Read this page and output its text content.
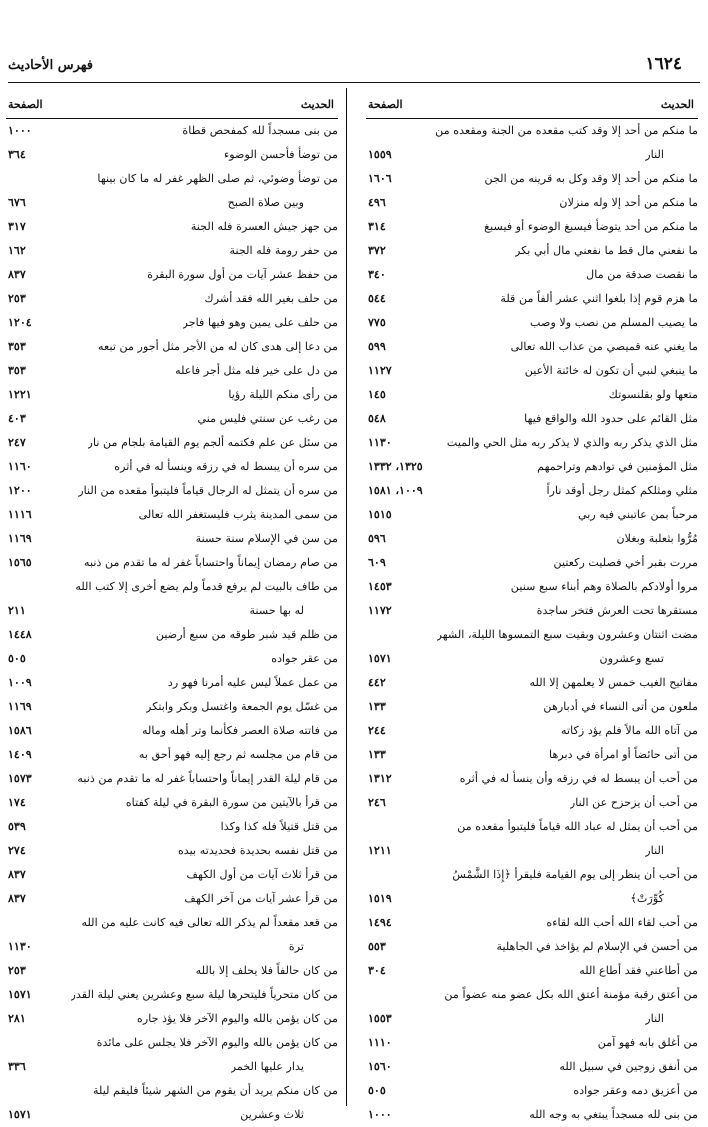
١٦٢٤
فهرس الأحاديث
الحديث
الصفحة
ما منكم من أحد إلا وقد كتب مقعده من الجنة ومقعده من
النار
١٥٥٩
ما منكم من أحد إلا وقد وكل به قرينه من الجن
١٦٠٦
ما منكم من أحد إلا وله منزلان
٤٩٦
ما منكم من أحد يتوضأ فيسبغ الوضوء أو فيسبغ
٣١٤
ما نفعني مال قط ما نفعني مال أبي بكر
٣٧٢
ما نقصت صدقة من مال
٣٤٠
ما هزم قوم إذا بلغوا اثني عشر ألفاً من قلة
٥٤٤
ما يصيب المسلم من نصب ولا وصب
٧٧٥
ما يغني عنه قميصي من عذاب الله تعالى
٥٩٩
ما ينبغي لنبي أن تكون له خائنة الأعين
١١٢٧
متعها ولو بقلنسوتك
١٤٥
مثل القائم على حدود الله والواقع فيها
٥٤٨
مثل الذي يذكر ربه والذي لا يذكر ربه مثل الحي والميت
١١٣٠
مثل المؤمنين في توادهم وتراحمهم
١٣٢٥، ١٣٣٢
مثلي ومثلكم كمثل رجل أوقد ناراً
١٠٠٩، ١٥٨١
مرحباً بمن عاتبني فيه ربي
١٥١٥
مُرُّوا بثعلبة وبغلان
٥٩٦
مررت بقبر أخي فصليت ركعتين
٦٠٩
مروا أولادكم بالصلاة وهم أبناء سبع سنين
١٤٥٣
مستقرها تحت العرش فتخر ساجدة
١١٧٢
مضت اثنتان وعشرون وبقيت سبع التمسوها الليلة، الشهر
تسع وعشرون
١٥٧١
مفاتيح الغيب خمس لا يعلمهن إلا الله
٤٤٢
ملعون من أتى النساء في أدبارهن
١٣٣
من آتاه الله مالاً فلم يؤد زكاته
٢٤٤
من أتى حائضاً أو امرأة في دبرها
١٣٣
من أحب أن يبسط له في رزقه وأن ينسأ له في أثره
١٣١٢
من أحب أن يزحزح عن النار
٢٤٦
من أحب أن يمثل له عباد الله قياماً فليتبوأ مقعده من
النار
١٢١١
من أحب أن ينظر إلى يوم القيامة فليقرأ ﴿إِذَا الشَّمْسُ
كُوِّرَتْ﴾
١٥١٩
من أحب لقاء الله أحب الله لقاءه
١٤٩٤
من أحسن في الإسلام لم يؤاخذ في الجاهلية
٥٥٣
من أطاعني فقد أطاع الله
٣٠٤
من أعتق رقبة مؤمنة أعتق الله بكل عضو منه عضواً من
النار
١٥٥٣
من أغلق بابه فهو آمن
١١١٠
من أنفق زوجين في سبيل الله
١٥٦٠
من أعزيق دمه وعقر جواده
٥٠٥
من بنى لله مسجداً يبتغي به وجه الله
١٠٠٠
الحديث
الصفحة
من بنى مسجداً لله كمفحص قطاة
١٠٠٠
من توضأ فأحسن الوضوء
٣٦٤
من توضأ وضوئي، ثم صلى الظهر غفر له ما كان بينها
وبين صلاة الصبح
٦٧٦
من جهز جيش العسرة فله الجنة
٣١٧
من حفر رومة فله الجنة
١٦٢
من حفظ عشر آيات من أول سورة البقرة
٨٣٧
من حلف بغير الله فقد أشرك
٢٥٣
من حلف على يمين وهو فيها فاجر
١٢٠٤
من دعا إلى هدى كان له من الأجر مثل أجور من تبعه
٣٥٣
من دل على خير فله مثل أجر فاعله
٣٥٣
من رأى منكم الليلة رؤيا
١٢٢١
من رغب عن سنتي فليس مني
٤٠٣
من سئل عن علم فكتمه ألجم يوم القيامة بلجام من نار
٢٤٧
من سره أن يبسط له في رزقه وينسأ له في أثره
١١٦٠
من سره أن يتمثل له الرجال قياماً فليتبوأ مقعده من النار
١٢٠٠
من سمى المدينة يثرب فليستغفر الله تعالى
١١١٦
من سن في الإسلام سنة حسنة
١١٦٩
من صام رمضان إيماناً واحتساباً غفر له ما تقدم من ذنبه
١٥٦٥
من طاف بالبيت لم يرفع قدماً ولم يضع أخرى إلا كتب الله
له بها حسنة
٢١١
من ظلم قيد شبر طوقه من سبع أرضين
١٤٤٨
من عقر جواده
٥٠٥
من عمل عملاً ليس عليه أمرنا فهو رد
١٠٠٩
من غسّل يوم الجمعة واغتسل وبكر وابتكر
١١٦٩
من فاتته صلاة العصر فكأنما وتر أهله وماله
١٥٨٦
من قام من مجلسه ثم رجع إليه فهو أحق به
١٤٠٩
من قام ليلة القدر إيماناً واحتساباً غفر له ما تقدم من ذنبه
١٥٧٣
من قرأ بالآيتين من سورة البقرة في ليلة كفتاه
١٧٤
من قتل قتيلاً فله كذا وكذا
٥٣٩
من قتل نفسه بحديدة فحديدته بيده
٢٧٤
من قرأ ثلاث آيات من أول الكهف
٨٣٧
من قرأ عشر آيات من آخر الكهف
٨٣٧
من قعد مقعداً لم يذكر الله تعالى فيه كانت عليه من الله
ترة
١١٣٠
من كان حالفاً فلا يحلف إلا بالله
٢٥٣
من كان متحرياً فليتحرها ليلة سبع وعشرين يعني ليلة القدر
١٥٧١
من كان يؤمن بالله واليوم الآخر فلا يؤذ جاره
٢٨١
من كان يؤمن بالله واليوم الآخر فلا يجلس على مائدة
يدار عليها الخمر
٣٣٦
من كان منكم يريد أن يقوم من الشهر شيئاً فليقم ليلة
ثلاث وعشرين
١٥٧١
